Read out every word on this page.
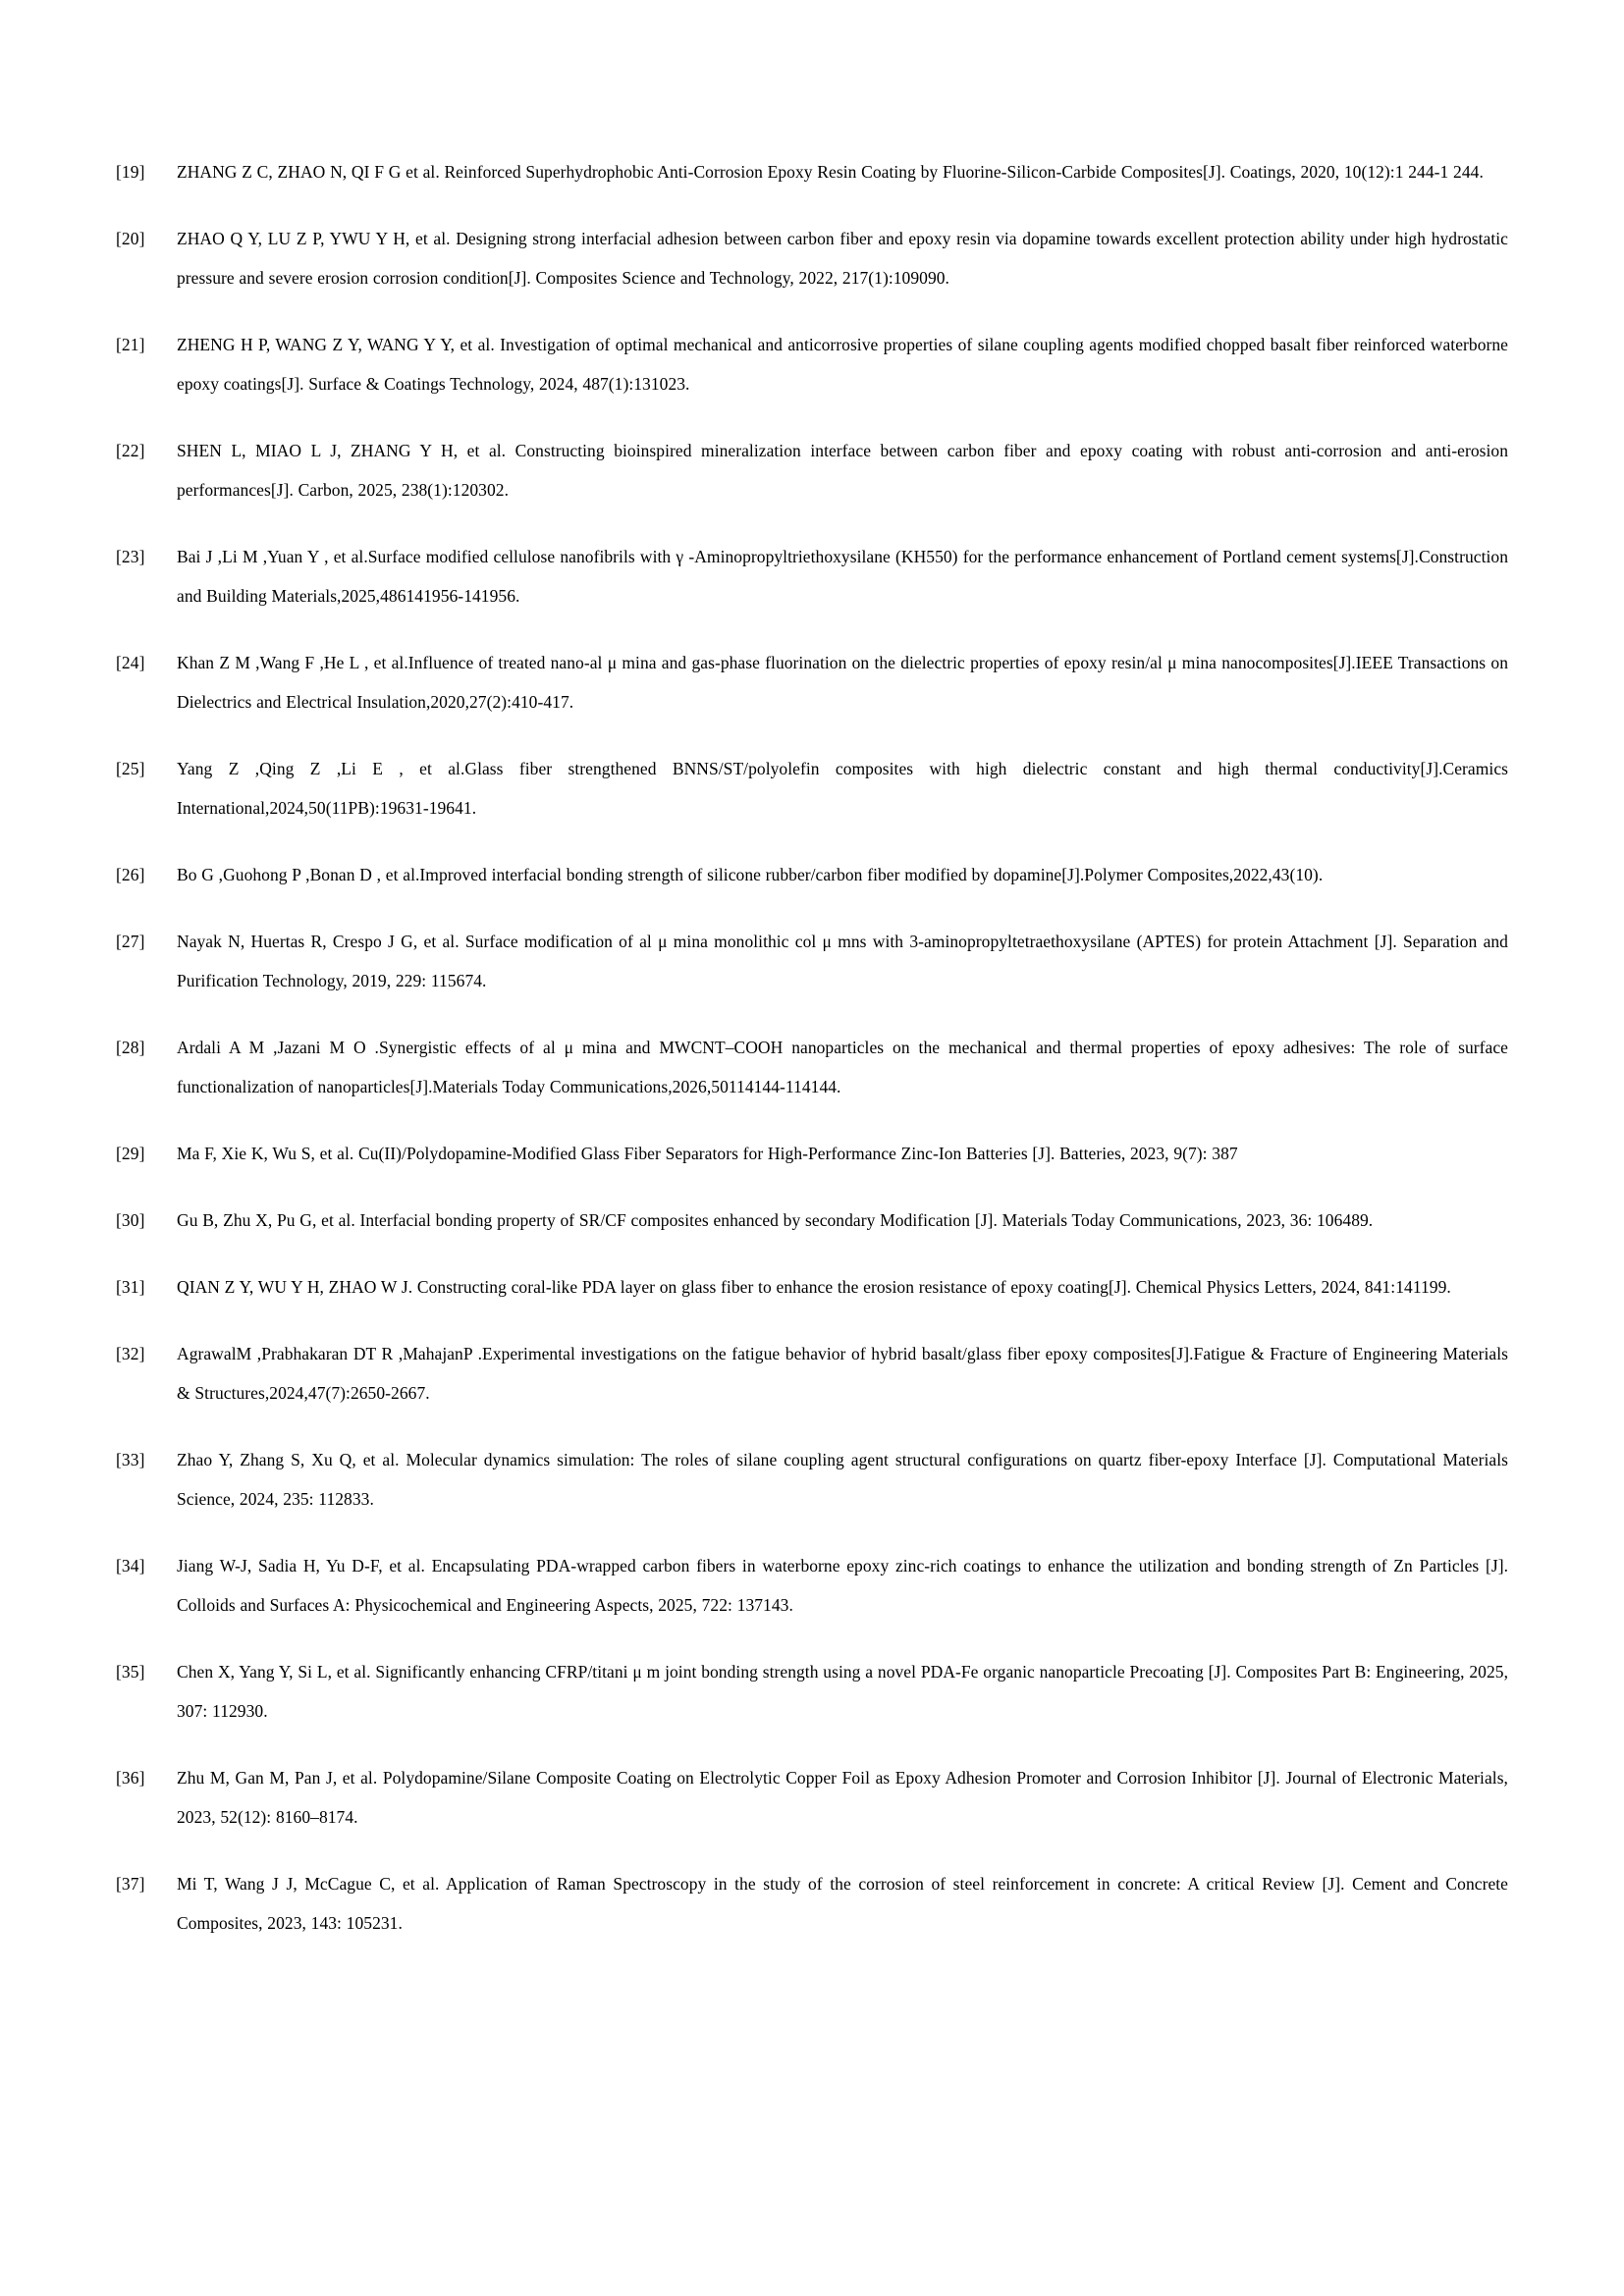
[19]	ZHANG Z C, ZHAO N, QI F G et al. Reinforced Superhydrophobic Anti-Corrosion Epoxy Resin Coating by Fluorine-Silicon-Carbide Composites[J]. Coatings, 2020, 10(12):1 244-1 244.
[20]	ZHAO Q Y, LU Z P, YWU Y H, et al. Designing strong interfacial adhesion between carbon fiber and epoxy resin via dopamine towards excellent protection ability under high hydrostatic pressure and severe erosion corrosion condition[J]. Composites Science and Technology, 2022, 217(1):109090.
[21]	ZHENG H P, WANG Z Y, WANG Y Y, et al. Investigation of optimal mechanical and anticorrosive properties of silane coupling agents modified chopped basalt fiber reinforced waterborne epoxy coatings[J]. Surface & Coatings Technology, 2024, 487(1):131023.
[22]	SHEN L, MIAO L J, ZHANG Y H, et al. Constructing bioinspired mineralization interface between carbon fiber and epoxy coating with robust anti-corrosion and anti-erosion performances[J]. Carbon, 2025, 238(1):120302.
[23]	Bai J ,Li M ,Yuan Y , et al.Surface modified cellulose nanofibrils with γ -Aminopropyltriethoxysilane (KH550) for the performance enhancement of Portland cement systems[J].Construction and Building Materials,2025,486141956-141956.
[24]	Khan Z M ,Wang F ,He L , et al.Influence of treated nano-al μ mina and gas-phase fluorination on the dielectric properties of epoxy resin/al μ mina nanocomposites[J].IEEE Transactions on Dielectrics and Electrical Insulation,2020,27(2):410-417.
[25]	Yang Z ,Qing Z ,Li E , et al.Glass fiber strengthened BNNS/ST/polyolefin composites with high dielectric constant and high thermal conductivity[J].Ceramics International,2024,50(11PB):19631-19641.
[26]	Bo G ,Guohong P ,Bonan D , et al.Improved interfacial bonding strength of silicone rubber/carbon fiber modified by dopamine[J].Polymer Composites,2022,43(10).
[27]	Nayak N, Huertas R, Crespo J G, et al. Surface modification of al μ mina monolithic col μ mns with 3-aminopropyltetraethoxysilane (APTES) for protein Attachment [J]. Separation and Purification Technology, 2019, 229: 115674.
[28]	Ardali A M ,Jazani M O .Synergistic effects of al μ mina and MWCNT‒COOH nanoparticles on the mechanical and thermal properties of epoxy adhesives: The role of surface functionalization of nanoparticles[J].Materials Today Communications,2026,50114144-114144.
[29]	Ma F, Xie K, Wu S, et al. Cu(II)/Polydopamine-Modified Glass Fiber Separators for High-Performance Zinc-Ion Batteries [J]. Batteries, 2023, 9(7): 387
[30]	Gu B, Zhu X, Pu G, et al. Interfacial bonding property of SR/CF composites enhanced by secondary Modification [J]. Materials Today Communications, 2023, 36: 106489.
[31]	QIAN Z Y, WU Y H, ZHAO W J. Constructing coral-like PDA layer on glass fiber to enhance the erosion resistance of epoxy coating[J]. Chemical Physics Letters, 2024, 841:141199.
[32]	AgrawalM ,Prabhakaran DT R ,MahajanP .Experimental investigations on the fatigue behavior of hybrid basalt/glass fiber epoxy composites[J].Fatigue & Fracture of Engineering Materials & Structures,2024,47(7):2650-2667.
[33]	Zhao Y, Zhang S, Xu Q, et al. Molecular dynamics simulation: The roles of silane coupling agent structural configurations on quartz fiber-epoxy Interface [J]. Computational Materials Science, 2024, 235: 112833.
[34]	Jiang W-J, Sadia H, Yu D-F, et al. Encapsulating PDA-wrapped carbon fibers in waterborne epoxy zinc-rich coatings to enhance the utilization and bonding strength of Zn Particles [J]. Colloids and Surfaces A: Physicochemical and Engineering Aspects, 2025, 722: 137143.
[35]	Chen X, Yang Y, Si L, et al. Significantly enhancing CFRP/titani μ m joint bonding strength using a novel PDA-Fe organic nanoparticle Precoating [J]. Composites Part B: Engineering, 2025, 307: 112930.
[36]	Zhu M, Gan M, Pan J, et al. Polydopamine/Silane Composite Coating on Electrolytic Copper Foil as Epoxy Adhesion Promoter and Corrosion Inhibitor [J]. Journal of Electronic Materials, 2023, 52(12): 8160–8174.
[37]	Mi T, Wang J J, McCague C, et al. Application of Raman Spectroscopy in the study of the corrosion of steel reinforcement in concrete: A critical Review [J]. Cement and Concrete Composites, 2023, 143: 105231.
